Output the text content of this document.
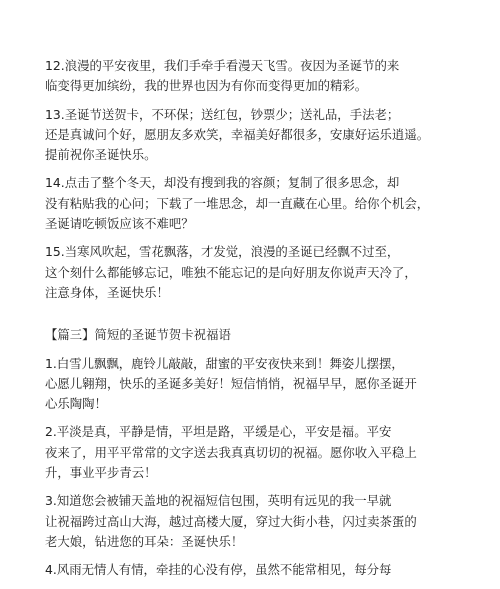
12.浪漫的平安夜里，我们手牵手看漫天飞雪。夜因为圣诞节的来
临变得更加缤纷，我的世界也因为有你而变得更加的精彩。
13.圣诞节送贺卡，不环保；送红包，钞票少；送礼品，手法老；
还是真诚问个好，愿朋友多欢笑，幸福美好都很多，安康好运乐逍遥。
提前祝你圣诞快乐。
14.点击了整个冬天，却没有搜到我的容颜；复制了很多思念，却
没有粘贴我的心问；下载了一堆思念，却一直藏在心里。给你个机会，
圣诞请吃顿饭应该不难吧？
15.当寒风吹起，雪花飘落，才发觉，浪漫的圣诞已经飘不过至，
这个刻什么都能够忘记，唯独不能忘记的是向好朋友你说声天冷了，
注意身体，圣诞快乐！
【篇三】简短的圣诞节贺卡祝福语
1.白雪儿飘飘，鹿铃儿敲敲，甜蜜的平安夜快来到！舞姿儿摆摆，
心愿儿翱翔，快乐的圣诞多美好！短信悄悄，祝福早早，愿你圣诞开
心乐陶陶！
2.平淡是真，平静是情，平坦是路，平缓是心，平安是福。平安
夜来了，用平平常常的文字送去我真真切切的祝福。愿你收入平稳上
升，事业平步青云！
3.知道您会被铺天盖地的祝福短信包围，英明有远见的我一早就
让祝福跨过高山大海，越过高楼大厦，穿过大街小巷，闪过卖茶蛋的
老大娘，钻进您的耳朵：圣诞快乐！
4.风雨无情人有情，牵挂的心没有停，虽然不能常相见，每分每
